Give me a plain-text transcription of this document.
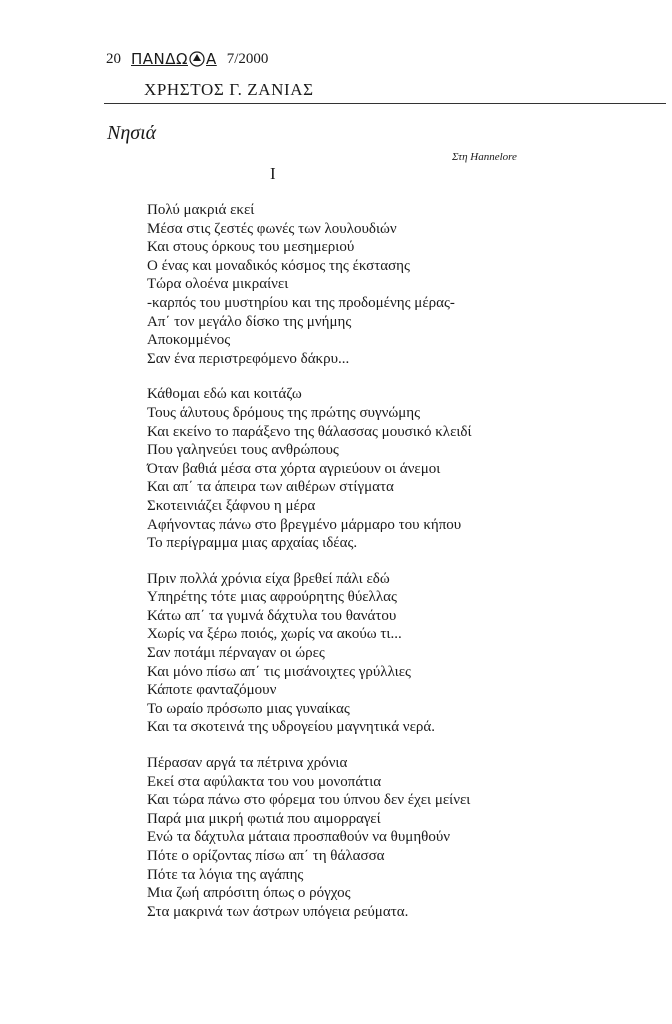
20 ΠΑΝΔΩ Α 7/2000
ΧΡΗΣΤΟΣ Γ. ΖΑΝΙΑΣ
Νησιά
Στη Hannelore
Ι
Πολύ μακριά εκεί
Μέσα στις ζεστές φωνές των λουλουδιών
Και στους όρκους του μεσημεριού
Ο ένας και μοναδικός κόσμος της έκστασης
Τώρα ολοένα μικραίνει
-καρπός του μυστηρίου και της προδομένης μέρας-
Απ΄ τον μεγάλο δίσκο της μνήμης
Αποκομμένος
Σαν ένα περιστρεφόμενο δάκρυ...
Κάθομαι εδώ και κοιτάζω
Τους άλυτους δρόμους της πρώτης συγνώμης
Και εκείνο το παράξενο της θάλασσας μουσικό κλειδί
Που γαληνεύει τους ανθρώπους
Όταν βαθιά μέσα στα χόρτα αγριεύουν οι άνεμοι
Και απ΄ τα άπειρα των αιθέρων στίγματα
Σκοτεινιάζει ξάφνου η μέρα
Αφήνοντας πάνω στο βρεγμένο μάρμαρο του κήπου
Το περίγραμμα μιας αρχαίας ιδέας.
Πριν πολλά χρόνια είχα βρεθεί πάλι εδώ
Υπηρέτης τότε μιας αφρούρητης θύελλας
Κάτω απ΄ τα γυμνά δάχτυλα του θανάτου
Χωρίς να ξέρω ποιός, χωρίς να ακούω τι...
Σαν ποτάμι πέρναγαν οι ώρες
Και μόνο πίσω απ΄ τις μισάνοιχτες γρύλλιες
Κάποτε φανταζόμουν
Το ωραίο πρόσωπο μιας γυναίκας
Και τα σκοτεινά της υδρογείου μαγνητικά νερά.
Πέρασαν αργά τα πέτρινα χρόνια
Εκεί στα αφύλακτα του νου μονοπάτια
Και τώρα πάνω στο φόρεμα του ύπνου δεν έχει μείνει
Παρά μια μικρή φωτιά που αιμορραγεί
Ενώ τα δάχτυλα μάταια προσπαθούν να θυμηθούν
Πότε ο ορίζοντας πίσω απ΄ τη θάλασσα
Πότε τα λόγια της αγάπης
Μια ζωή απρόσιτη όπως ο ρόγχος
Στα μακρινά των άστρων υπόγεια ρεύματα.
